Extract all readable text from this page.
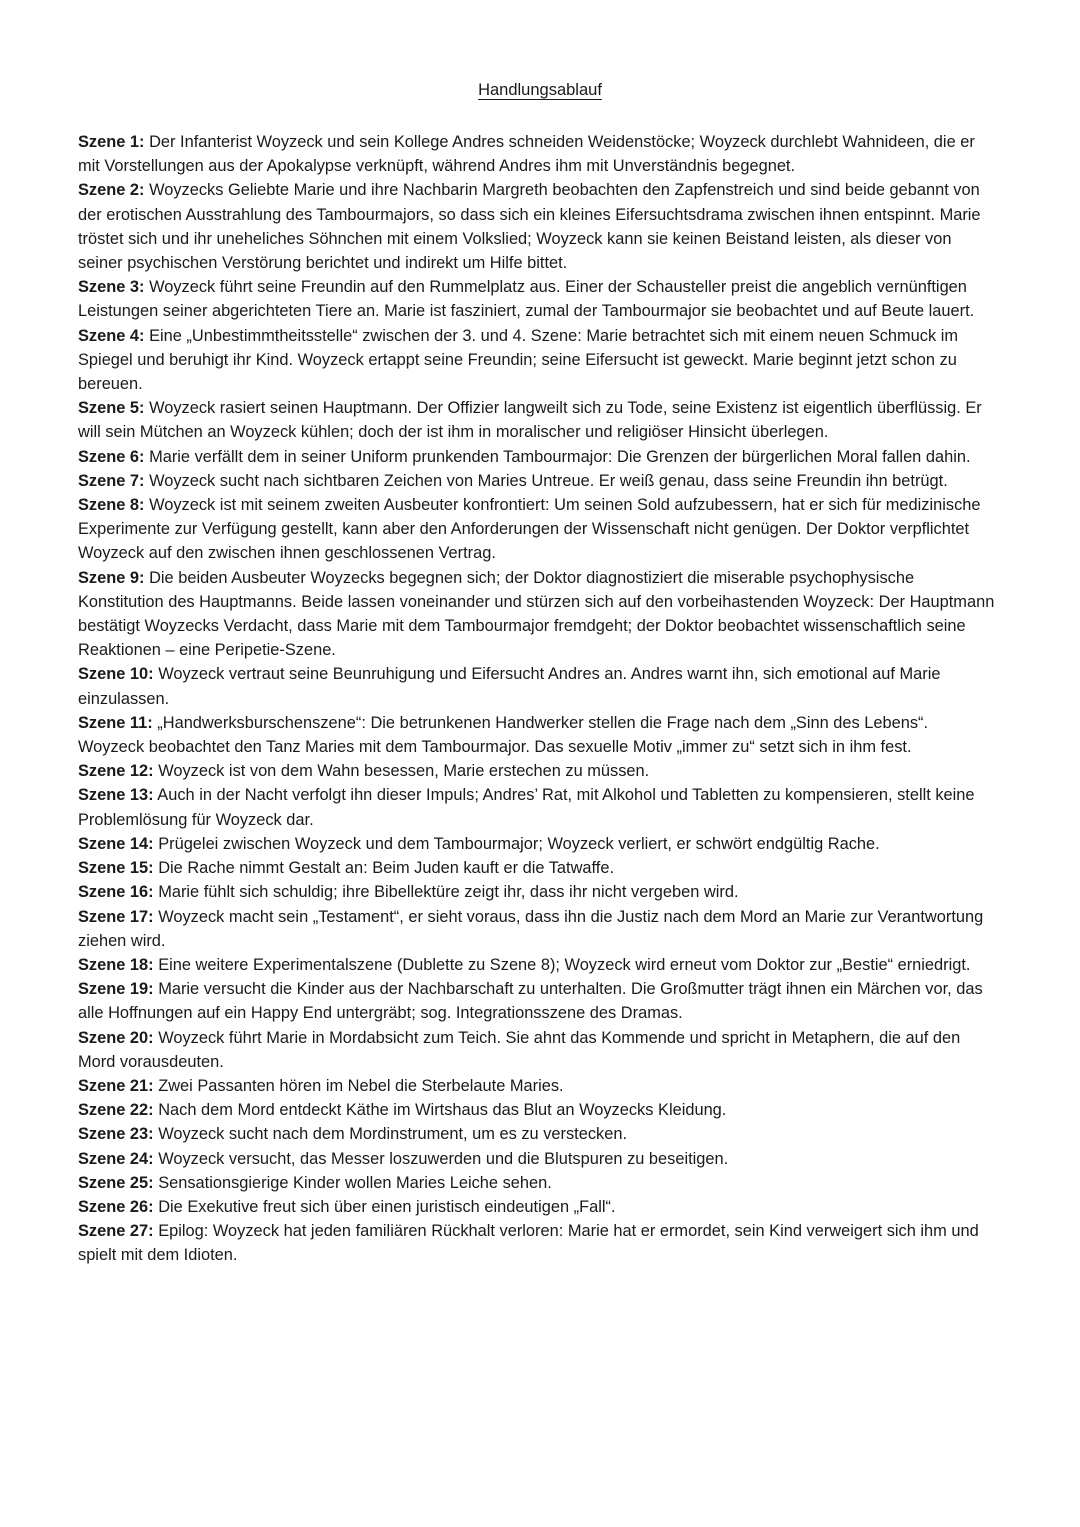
Handlungsablauf

Szene 1: Der Infanterist Woyzeck und sein Kollege Andres schneiden Weidenstöcke; Woyzeck durchlebt Wahnideen, die er mit Vorstellungen aus der Apokalypse verknüpft, während Andres ihm mit Unverständnis begegnet.

Szene 2: Woyzecks Geliebte Marie und ihre Nachbarin Margreth beobachten den Zapfenstreich und sind beide gebannt von der erotischen Ausstrahlung des Tambourmajors, so dass sich ein kleines Eifersuchtsdrama zwischen ihnen entspinnt. Marie tröstet sich und ihr uneheliches Söhnchen mit einem Volkslied; Woyzeck kann sie keinen Beistand leisten, als dieser von seiner psychischen Verstörung berichtet und indirekt um Hilfe bittet.

Szene 3: Woyzeck führt seine Freundin auf den Rummelplatz aus. Einer der Schausteller preist die angeblich vernünftigen Leistungen seiner abgerichteten Tiere an. Marie ist fasziniert, zumal der Tambourmajor sie beobachtet und auf Beute lauert.

Szene 4: Eine „Unbestimmtheitsstelle“ zwischen der 3. und 4. Szene: Marie betrachtet sich mit einem neuen Schmuck im Spiegel und beruhigt ihr Kind. Woyzeck ertappt seine Freundin; seine Eifersucht ist geweckt. Marie beginnt jetzt schon zu bereuen.

Szene 5: Woyzeck rasiert seinen Hauptmann. Der Offizier langweilt sich zu Tode, seine Existenz ist eigentlich überflüssig. Er will sein Mütchen an Woyzeck kühlen; doch der ist ihm in moralischer und religiöser Hinsicht überlegen.

Szene 6: Marie verfällt dem in seiner Uniform prunkenden Tambourmajor: Die Grenzen der bürgerlichen Moral fallen dahin.

Szene 7: Woyzeck sucht nach sichtbaren Zeichen von Maries Untreue. Er weiß genau, dass seine Freundin ihn betrügt.

Szene 8: Woyzeck ist mit seinem zweiten Ausbeuter konfrontiert: Um seinen Sold aufzubessern, hat er sich für medizinische Experimente zur Verfügung gestellt, kann aber den Anforderungen der Wissenschaft nicht genügen. Der Doktor verpflichtet Woyzeck auf den zwischen ihnen geschlossenen Vertrag.

Szene 9: Die beiden Ausbeuter Woyzecks begegnen sich; der Doktor diagnostiziert die miserable psychophysische Konstitution des Hauptmanns. Beide lassen voneinander und stürzen sich auf den vorbeihastenden Woyzeck: Der Hauptmann bestätigt Woyzecks Verdacht, dass Marie mit dem Tambourmajor fremdgeht; der Doktor beobachtet wissenschaftlich seine Reaktionen – eine Peripetie-Szene.

Szene 10: Woyzeck vertraut seine Beunruhigung und Eifersucht Andres an. Andres warnt ihn, sich emotional auf Marie einzulassen.

Szene 11: „Handwerksburschenszene“: Die betrunkenen Handwerker stellen die Frage nach dem „Sinn des Lebens“. Woyzeck beobachtet den Tanz Maries mit dem Tambourmajor. Das sexuelle Motiv „immer zu“ setzt sich in ihm fest.

Szene 12: Woyzeck ist von dem Wahn besessen, Marie erstechen zu müssen.

Szene 13: Auch in der Nacht verfolgt ihn dieser Impuls; Andres’ Rat, mit Alkohol und Tabletten zu kompensieren, stellt keine Problemlösung für Woyzeck dar.

Szene 14: Prügelei zwischen Woyzeck und dem Tambourmajor; Woyzeck verliert, er schwört endgültig Rache.

Szene 15: Die Rache nimmt Gestalt an: Beim Juden kauft er die Tatwaffe.

Szene 16: Marie fühlt sich schuldig; ihre Bibellektüre zeigt ihr, dass ihr nicht vergeben wird.

Szene 17: Woyzeck macht sein „Testament“, er sieht voraus, dass ihn die Justiz nach dem Mord an Marie zur Verantwortung ziehen wird.

Szene 18: Eine weitere Experimentalszene (Dublette zu Szene 8); Woyzeck wird erneut vom Doktor zur „Bestie“ erniedrigt.

Szene 19: Marie versucht die Kinder aus der Nachbarschaft zu unterhalten. Die Großmutter trägt ihnen ein Märchen vor, das alle Hoffnungen auf ein Happy End untergräbt; sog. Integrationsszene des Dramas.

Szene 20: Woyzeck führt Marie in Mordabsicht zum Teich. Sie ahnt das Kommende und spricht in Metaphern, die auf den Mord vorausdeuten.

Szene 21: Zwei Passanten hören im Nebel die Sterbelaute Maries.

Szene 22: Nach dem Mord entdeckt Käthe im Wirtshaus das Blut an Woyzecks Kleidung.

Szene 23: Woyzeck sucht nach dem Mordinstrument, um es zu verstecken.

Szene 24: Woyzeck versucht, das Messer loszuwerden und die Blutspuren zu beseitigen.

Szene 25: Sensationsgierige Kinder wollen Maries Leiche sehen.

Szene 26: Die Exekutive freut sich über einen juristisch eindeutigen „Fall“.

Szene 27: Epilog: Woyzeck hat jeden familiären Rückhalt verloren: Marie hat er ermordet, sein Kind verweigert sich ihm und spielt mit dem Idioten.
